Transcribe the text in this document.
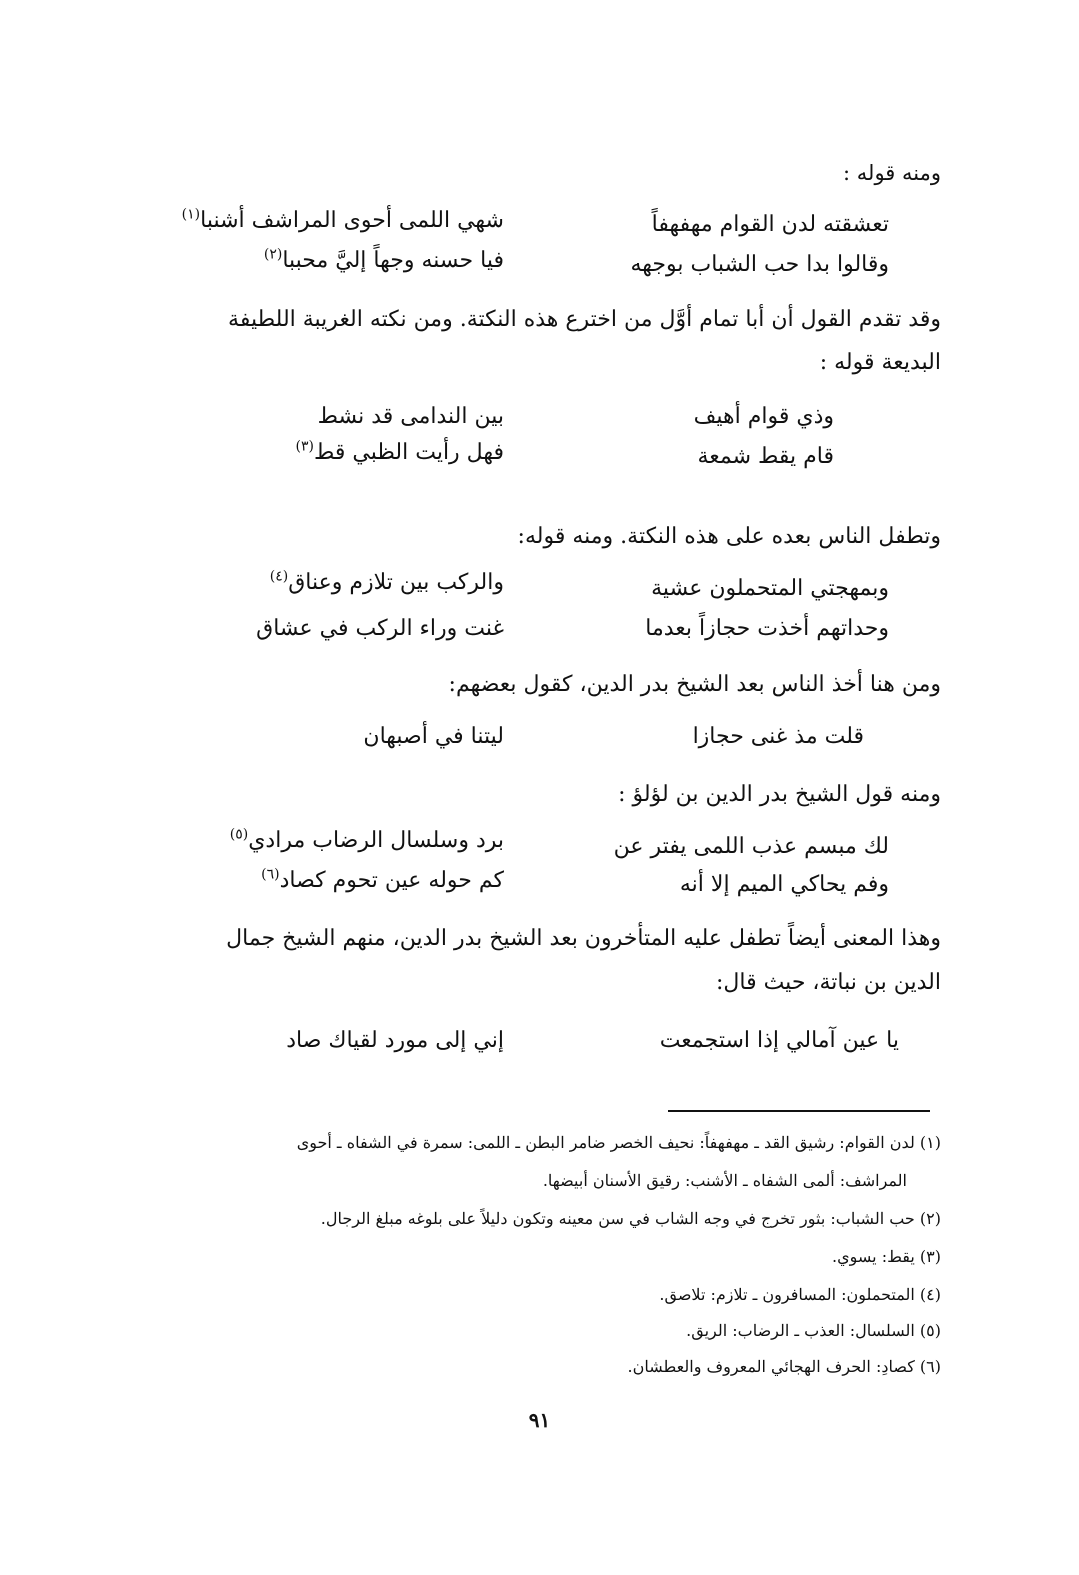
ومنه قوله :
تعشقته لدن القوام مهفهفاً
شهي اللمى أحوى المراشف أشنبا$^{(١)}$
وقالوا بدا حب الشباب بوجهه
فيا حسنه وجهاً إليَّ محببا$^{(٢)}$
وقد تقدم القول أن أبا تمام أوَّل من اخترع هذه النكتة. ومن نكته الغريبة اللطيفة
البديعة قوله :
وذي قوام أهيف
بين الندامى قد نشط
قام يقط شمعة
فهل رأيت الظبي قط$^{(٣)}$
وتطفل الناس بعده على هذه النكتة. ومنه قوله:
وبمهجتي المتحملون عشية
والركب بين تلازم وعناق$^{(٤)}$
وحداتهم أخذت حجازاً بعدما
غنت وراء الركب في عشاق
ومن هنا أخذ الناس بعد الشيخ بدر الدين، كقول بعضهم:
قلت مذ غنى حجازا
ليتنا في أصبهان
ومنه قول الشيخ بدر الدين بن لؤلؤ :
لك مبسم عذب اللمى يفتر عن
برد وسلسال الرضاب مرادي$^{(٥)}$
وفم يحاكي الميم إلا أنه
كم حوله عين تحوم كصاد$^{(٦)}$
وهذا المعنى أيضاً تطفل عليه المتأخرون بعد الشيخ بدر الدين، منهم الشيخ جمال
الدين بن نباتة، حيث قال:
يا عين آمالي إذا استجمعت
إني إلى مورد لقياك صاد
(١) لدن القوام: رشيق القد ـ مهفهفاً: نحيف الخصر ضامر البطن ـ اللمى: سمرة في الشفاه ـ أحوى
المراشف: ألمى الشفاه ـ الأشنب: رقيق الأسنان أبيضها.
(٢) حب الشباب: بثور تخرج في وجه الشاب في سن معينه وتكون دليلاً على بلوغه مبلغ الرجال.
(٣) يقط: يسوي.
(٤) المتحملون: المسافرون ـ تلازم: تلاصق.
(٥) السلسال: العذب ـ الرضاب: الريق.
(٦) كصادِ: الحرف الهجائي المعروف والعطشان.
٩١
